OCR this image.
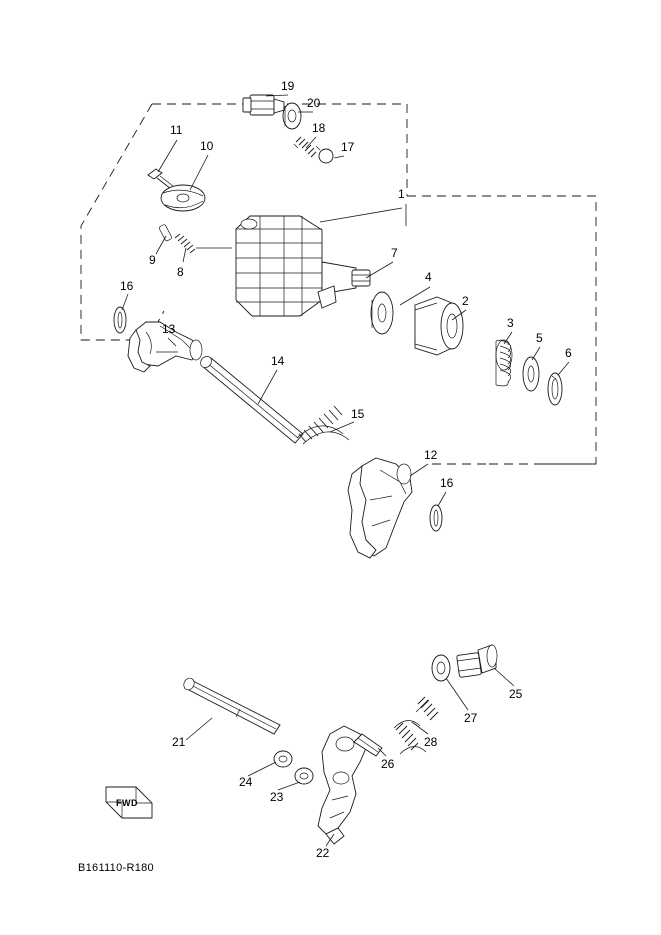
1
2
3
4
5
6
7
8
9
10
11
12
13
14
15
16
16
17
18
19
20
21
22
23
24
25
26
27
28
FWD
B161110-R180
